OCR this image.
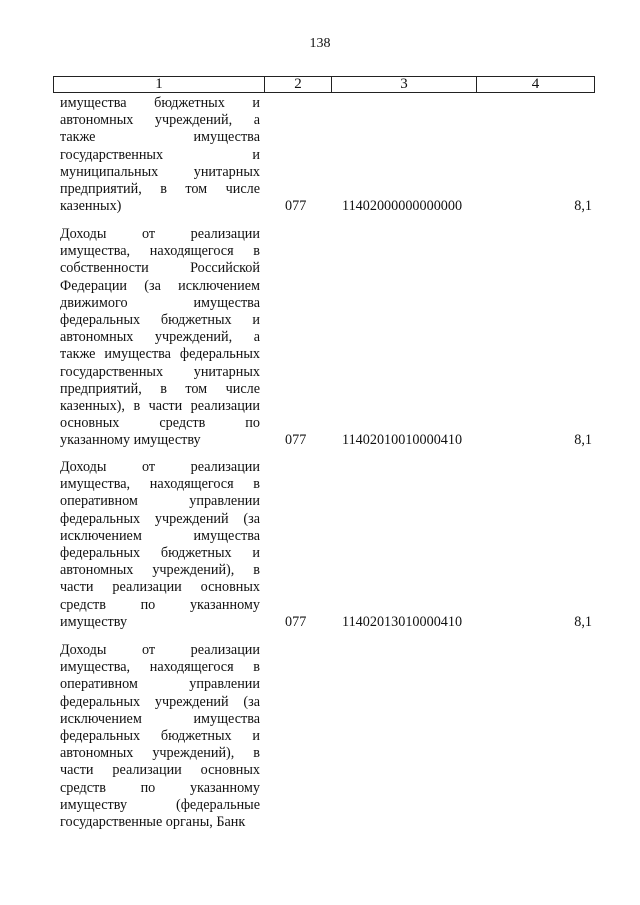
138
1	2	3	4
имущества бюджетных и
автономных учреждений, а
также имущества
государственных и
муниципальных унитарных
предприятий, в том числе
казенных)	077	11402000000000000	8,1
Доходы от реализации
имущества, находящегося в
собственности Российской
Федерации (за исключением
движимого имущества
федеральных бюджетных и
автономных учреждений, а
также имущества федеральных
государственных унитарных
предприятий, в том числе
казенных), в части реализации
основных средств по
указанному имуществу	077	11402010010000410	8,1
Доходы от реализации
имущества, находящегося в
оперативном управлении
федеральных учреждений (за
исключением имущества
федеральных бюджетных и
автономных учреждений), в
части реализации основных
средств по указанному
имуществу	077	11402013010000410	8,1
Доходы от реализации
имущества, находящегося в
оперативном управлении
федеральных учреждений (за
исключением имущества
федеральных бюджетных и
автономных учреждений), в
части реализации основных
средств по указанному
имуществу (федеральные
государственные органы, Банк
